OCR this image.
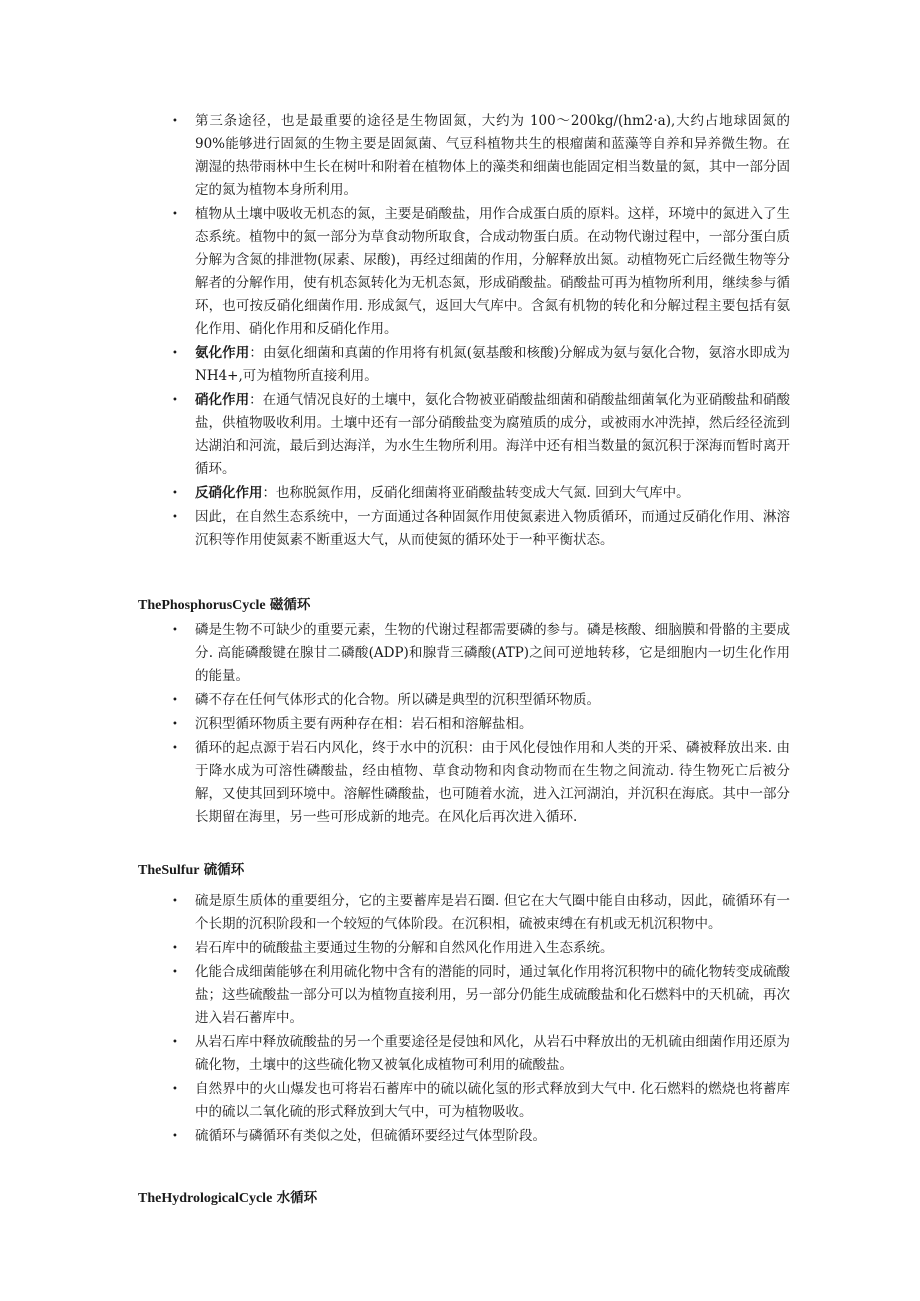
• 第三条途径，也是最重要的途径是生物固氮，大约为 100～200kg/(hm2·a),大约占地球固氮的 90%能够进行固氮的生物主要是固氮菌、气豆科植物共生的根瘤菌和蓝藻等自养和异养微生物。在潮湿的热带雨林中生长在树叶和附着在植物体上的藻类和细菌也能固定相当数量的氮，其中一部分固定的氮为植物本身所利用。
• 植物从土壤中吸收无机态的氮，主要是硝酸盐，用作合成蛋白质的原料。这样，环境中的氮进入了生态系统。植物中的氮一部分为草食动物所取食，合成动物蛋白质。在动物代谢过程中，一部分蛋白质分解为含氮的排泄物(尿素、尿酸)，再经过细菌的作用，分解释放出氮。动植物死亡后经微生物等分解者的分解作用，使有机态氮转化为无机态氮，形成硝酸盐。硝酸盐可再为植物所利用，继续参与循环，也可按反硝化细菌作用. 形成氮气，返回大气库中。含氮有机物的转化和分解过程主要包括有氨化作用、硝化作用和反硝化作用。
• 氨化作用：由氨化细菌和真菌的作用将有机氮(氨基酸和核酸)分解成为氨与氨化合物，氨溶水即成为 NH4+,可为植物所直接利用。
• 硝化作用：在通气情况良好的土壤中，氨化合物被亚硝酸盐细菌和硝酸盐细菌氧化为亚硝酸盐和硝酸盐，供植物吸收利用。土壤中还有一部分硝酸盐变为腐殖质的成分，或被雨水冲洗掉，然后经径流到达湖泊和河流，最后到达海洋，为水生生物所利用。海洋中还有相当数量的氮沉积于深海而暂时离开循环。
• 反硝化作用：也称脱氮作用，反硝化细菌将亚硝酸盐转变成大气氮. 回到大气库中。
• 因此，在自然生态系统中，一方面通过各种固氮作用使氮素进入物质循环，而通过反硝化作用、淋溶沉积等作用使氮素不断重返大气，从而使氮的循环处于一种平衡状态。
ThePhosphorusCycle 磁循环
• 磷是生物不可缺少的重要元素，生物的代谢过程都需要磷的参与。磷是核酸、细脑膜和骨骼的主要成分. 高能磷酸键在腺甘二磷酸(ADP)和腺背三磷酸(ATP)之间可逆地转移，它是细胞内一切生化作用的能量。
• 磷不存在任何气体形式的化合物。所以磷是典型的沉积型循环物质。
• 沉积型循环物质主要有两种存在相：岩石相和溶解盐相。
• 循环的起点源于岩石内风化，终于水中的沉积：由于风化侵蚀作用和人类的开采、磷被释放出来. 由于降水成为可溶性磷酸盐，经由植物、草食动物和肉食动物而在生物之间流动. 待生物死亡后被分解，又使其回到环境中。溶解性磷酸盐，也可随着水流，进入江河湖泊，并沉积在海底。其中一部分长期留在海里，另一些可形成新的地壳。在风化后再次进入循环.
TheSulfur 硫循环
• 硫是原生质体的重要组分，它的主要蓄库是岩石圈. 但它在大气圈中能自由移动，因此，硫循环有一个长期的沉积阶段和一个较短的气体阶段。在沉积相，硫被束缚在有机或无机沉积物中。
• 岩石库中的硫酸盐主要通过生物的分解和自然风化作用进入生态系统。
• 化能合成细菌能够在利用硫化物中含有的潜能的同时，通过氧化作用将沉积物中的硫化物转变成硫酸盐；这些硫酸盐一部分可以为植物直接利用，另一部分仍能生成硫酸盐和化石燃料中的天机硫，再次进入岩石蓄库中。
• 从岩石库中释放硫酸盐的另一个重要途径是侵蚀和风化，从岩石中释放出的无机硫由细菌作用还原为硫化物，土壤中的这些硫化物又被氧化成植物可利用的硫酸盐。
• 自然界中的火山爆发也可将岩石蓄库中的硫以硫化氢的形式释放到大气中. 化石燃料的燃烧也将蓄库中的硫以二氧化硫的形式释放到大气中，可为植物吸收。
• 硫循环与磷循环有类似之处，但硫循环要经过气体型阶段。
TheHydrologicalCycle 水循环
